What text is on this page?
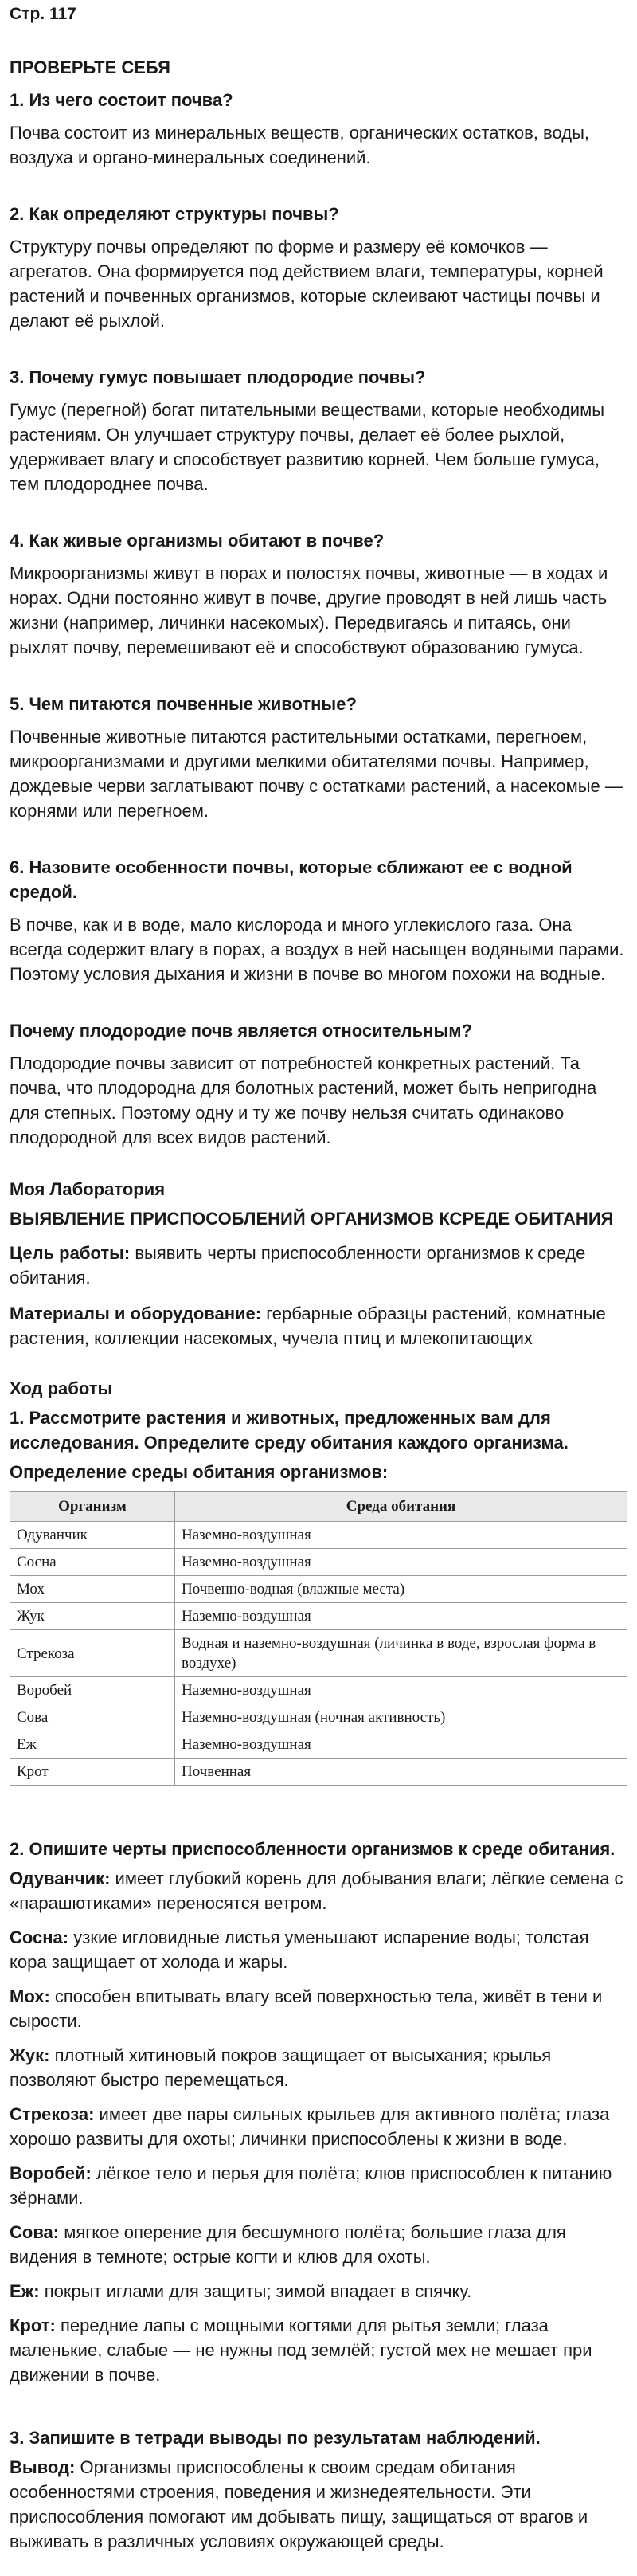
Стр. 117
ПРОВЕРЬТЕ СЕБЯ
1. Из чего состоит почва?

Почва состоит из минеральных веществ, органических остатков, воды, воздуха и органо-минеральных соединений.

2. Как определяют структуры почвы?

Структуру почвы определяют по форме и размеру её комочков — агрегатов. Она формируется под действием влаги, температуры, корней растений и почвенных организмов, которые склеивают частицы почвы и делают её рыхлой.

3. Почему гумус повышает плодородие почвы?

Гумус (перегной) богат питательными веществами, которые необходимы растениям. Он улучшает структуру почвы, делает её более рыхлой, удерживает влагу и способствует развитию корней. Чем больше гумуса, тем плодороднее почва.

4. Как живые организмы обитают в почве?

Микроорганизмы живут в порах и полостях почвы, животные — в ходах и норах. Одни постоянно живут в почве, другие проводят в ней лишь часть жизни (например, личинки насекомых). Передвигаясь и питаясь, они рыхлят почву, перемешивают её и способствуют образованию гумуса.

5. Чем питаются почвенные животные?

Почвенные животные питаются растительными остатками, перегноем, микроорганизмами и другими мелкими обитателями почвы. Например, дождевые черви заглатывают почву с остатками растений, а насекомые — корнями или перегноем.

6. Назовите особенности почвы, которые сближают ее с водной средой.

В почве, как и в воде, мало кислорода и много углекислого газа. Она всегда содержит влагу в порах, а воздух в ней насыщен водяными парами. Поэтому условия дыхания и жизни в почве во многом похожи на водные.

Почему плодородие почв является относительным?

Плодородие почвы зависит от потребностей конкретных растений. Та почва, что плодородна для болотных растений, может быть непригодна для степных. Поэтому одну и ту же почву нельзя считать одинаково плодородной для всех видов растений.

Моя Лаборатория
ВЫЯВЛЕНИЕ ПРИСПОСОБЛЕНИЙ ОРГАНИЗМОВ КСРЕДЕ ОБИТАНИЯ

Цель работы: выявить черты приспособленности организмов к среде обитания.

Материалы и оборудование: гербарные образцы растений, комнатные растения, коллекции насекомых, чучела птиц и млекопитающих

Ход работы
1. Рассмотрите растения и животных, предложенных вам для исследования. Определите среду обитания каждого организма.
Определение среды обитания организмов:
Организм	Среда обитания
Одуванчик	Наземно-воздушная
Сосна	Наземно-воздушная
Мох	Почвенно-водная (влажные места)
Жук	Наземно-воздушная
Стрекоза	Водная и наземно-воздушная (личинка в воде, взрослая форма в воздухе)
Воробей	Наземно-воздушная
Сова	Наземно-воздушная (ночная активность)
Еж	Наземно-воздушная
Крот	Почвенная
2. Опишите черты приспособленности организмов к среде обитания.

Одуванчик: имеет глубокий корень для добывания влаги; лёгкие семена с «парашютиками» переносятся ветром.

Сосна: узкие игловидные листья уменьшают испарение воды; толстая кора защищает от холода и жары.

Мох: способен впитывать влагу всей поверхностью тела, живёт в тени и сырости.

Жук: плотный хитиновый покров защищает от высыхания; крылья позволяют быстро перемещаться.

Стрекоза: имеет две пары сильных крыльев для активного полёта; глаза хорошо развиты для охоты; личинки приспособлены к жизни в воде.

Воробей: лёгкое тело и перья для полёта; клюв приспособлен к питанию зёрнами.

Сова: мягкое оперение для бесшумного полёта; большие глаза для видения в темноте; острые когти и клюв для охоты.

Еж: покрыт иглами для защиты; зимой впадает в спячку.

Крот: передние лапы с мощными когтями для рытья земли; глаза маленькие, слабые — не нужны под землёй; густой мех не мешает при движении в почве.

3. Запишите в тетради выводы по результатам наблюдений.

Вывод: Организмы приспособлены к своим средам обитания особенностями строения, поведения и жизнедеятельности. Эти приспособления помогают им добывать пищу, защищаться от врагов и выживать в различных условиях окружающей среды.
